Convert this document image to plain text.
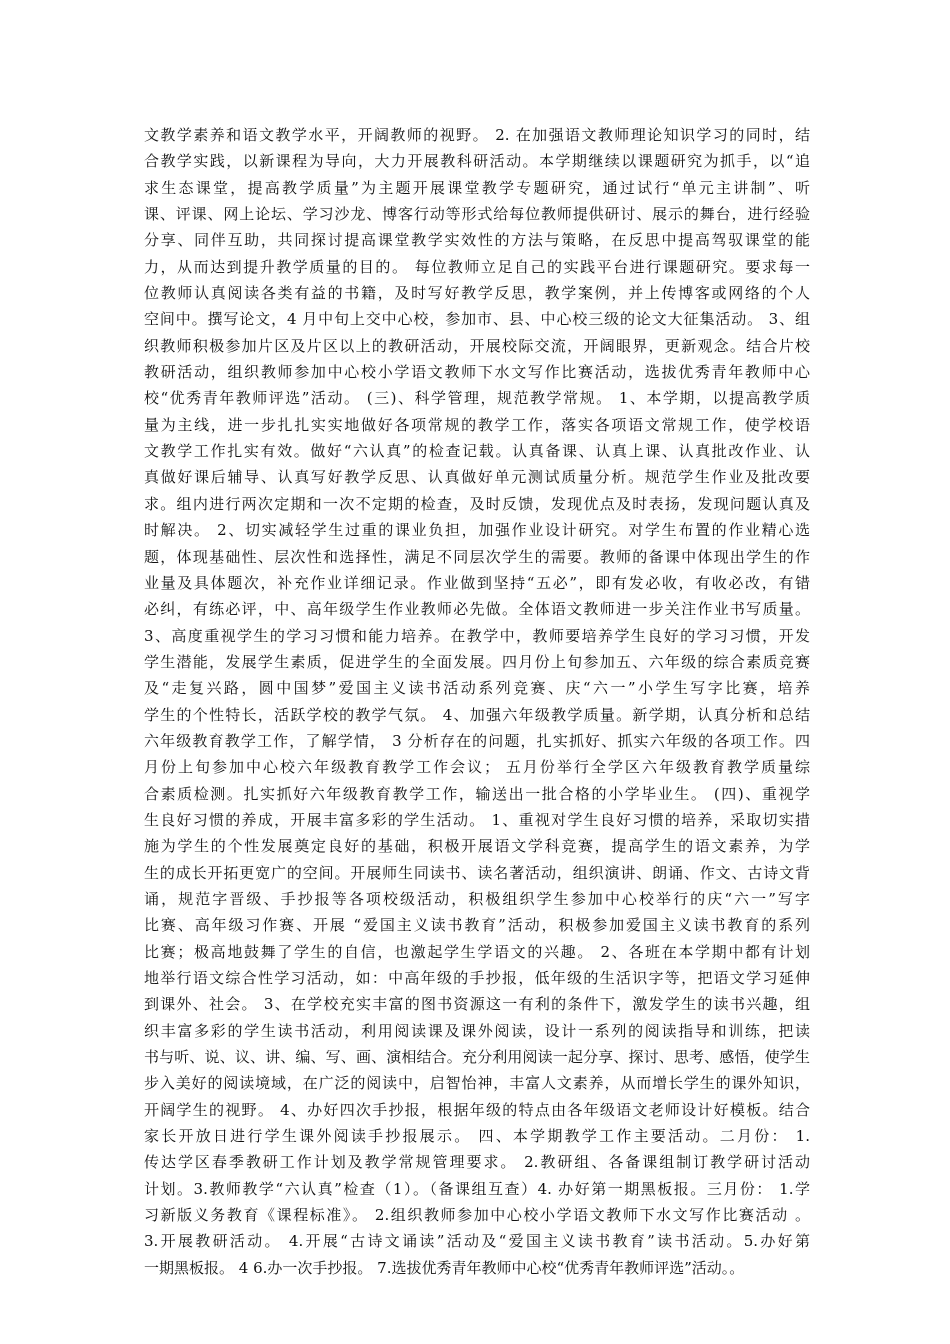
文教学素养和语文教学水平，开阔教师的视野。 2. 在加强语文教师理论知识学习的同时，结
合教学实践，以新课程为导向，大力开展教科研活动。本学期继续以课题研究为抓手，以“追
求生态课堂，提高教学质量”为主题开展课堂教学专题研究，通过试行“单元主讲制”、听
课、评课、网上论坛、学习沙龙、博客行动等形式给每位教师提供研讨、展示的舞台，进行经验
分享、同伴互助，共同探讨提高课堂教学实效性的方法与策略，在反思中提高驾驭课堂的能
力，从而达到提升教学质量的目的。 每位教师立足自己的实践平台进行课题研究。要求每一
位教师认真阅读各类有益的书籍，及时写好教学反思，教学案例，并上传博客或网络的个人
空间中。撰写论文，4 月中旬上交中心校，参加市、县、中心校三级的论文大征集活动。 3、组
织教师积极参加片区及片区以上的教研活动，开展校际交流，开阔眼界，更新观念。结合片校
教研活动，组织教师参加中心校小学语文教师下水文写作比赛活动，选拔优秀青年教师中心
校“优秀青年教师评选”活动。 (三)、科学管理，规范教学常规。 1、本学期，以提高教学质
量为主线，进一步扎扎实实地做好各项常规的教学工作，落实各项语文常规工作，使学校语
文教学工作扎实有效。做好“六认真”的检查记载。认真备课、认真上课、认真批改作业、认
真做好课后辅导、认真写好教学反思、认真做好单元测试质量分析。规范学生作业及批改要
求。组内进行两次定期和一次不定期的检查，及时反馈，发现优点及时表扬，发现问题认真及
时解决。 2、切实减轻学生过重的课业负担，加强作业设计研究。对学生布置的作业精心选
题，体现基础性、层次性和选择性，满足不同层次学生的需要。教师的备课中体现出学生的作
业量及具体题次，补充作业详细记录。作业做到坚持“五必”，即有发必收，有收必改，有错
必纠，有练必评，中、高年级学生作业教师必先做。全体语文教师进一步关注作业书写质量。
3、高度重视学生的学习习惯和能力培养。在教学中，教师要培养学生良好的学习习惯，开发
学生潜能，发展学生素质，促进学生的全面发展。四月份上旬参加五、六年级的综合素质竞赛
及“走复兴路，圆中国梦”爱国主义读书活动系列竞赛、庆“六一”小学生写字比赛，培养
学生的个性特长，活跃学校的教学气氛。 4、加强六年级教学质量。新学期，认真分析和总结
六年级教育教学工作，了解学情， 3 分析存在的问题，扎实抓好、抓实六年级的各项工作。四
月份上旬参加中心校六年级教育教学工作会议； 五月份举行全学区六年级教育教学质量综
合素质检测。扎实抓好六年级教育教学工作，输送出一批合格的小学毕业生。 (四)、重视学
生良好习惯的养成，开展丰富多彩的学生活动。 1、重视对学生良好习惯的培养，采取切实措
施为学生的个性发展奠定良好的基础，积极开展语文学科竞赛，提高学生的语文素养，为学
生的成长开拓更宽广的空间。开展师生同读书、读名著活动，组织演讲、朗诵、作文、古诗文背
诵，规范字晋级、手抄报等各项校级活动，积极组织学生参加中心校举行的庆“六一”写字
比赛、高年级习作赛、开展 “爱国主义读书教育”活动，积极参加爱国主义读书教育的系列
比赛；极高地鼓舞了学生的自信，也激起学生学语文的兴趣。 2、各班在本学期中都有计划
地举行语文综合性学习活动，如：中高年级的手抄报，低年级的生活识字等，把语文学习延伸
到课外、社会。 3、在学校充实丰富的图书资源这一有利的条件下，激发学生的读书兴趣，组
织丰富多彩的学生读书活动，利用阅读课及课外阅读，设计一系列的阅读指导和训练，把读
书与听、说、议、讲、编、写、画、演相结合。充分利用阅读一起分享、探讨、思考、感悟，使学生
步入美好的阅读境域，在广泛的阅读中，启智怡神，丰富人文素养，从而增长学生的课外知识，
开阔学生的视野。 4、办好四次手抄报，根据年级的特点由各年级语文老师设计好模板。结合
家长开放日进行学生课外阅读手抄报展示。 四、本学期教学工作主要活动。二月份： 1.
传达学区春季教研工作计划及教学常规管理要求。 2.教研组、各备课组制订教学研讨活动
计划。3.教师教学“六认真”检查（1）。（备课组互查）4. 办好第一期黑板报。三月份： 1.学
习新版义务教育《课程标准》。 2.组织教师参加中心校小学语文教师下水文写作比赛活动 。
3.开展教研活动。 4.开展“古诗文诵读”活动及“爱国主义读书教育”读书活动。5.办好第
一期黑板报。 4 6.办一次手抄报。 7.选拔优秀青年教师中心校“优秀青年教师评选”活动。。
